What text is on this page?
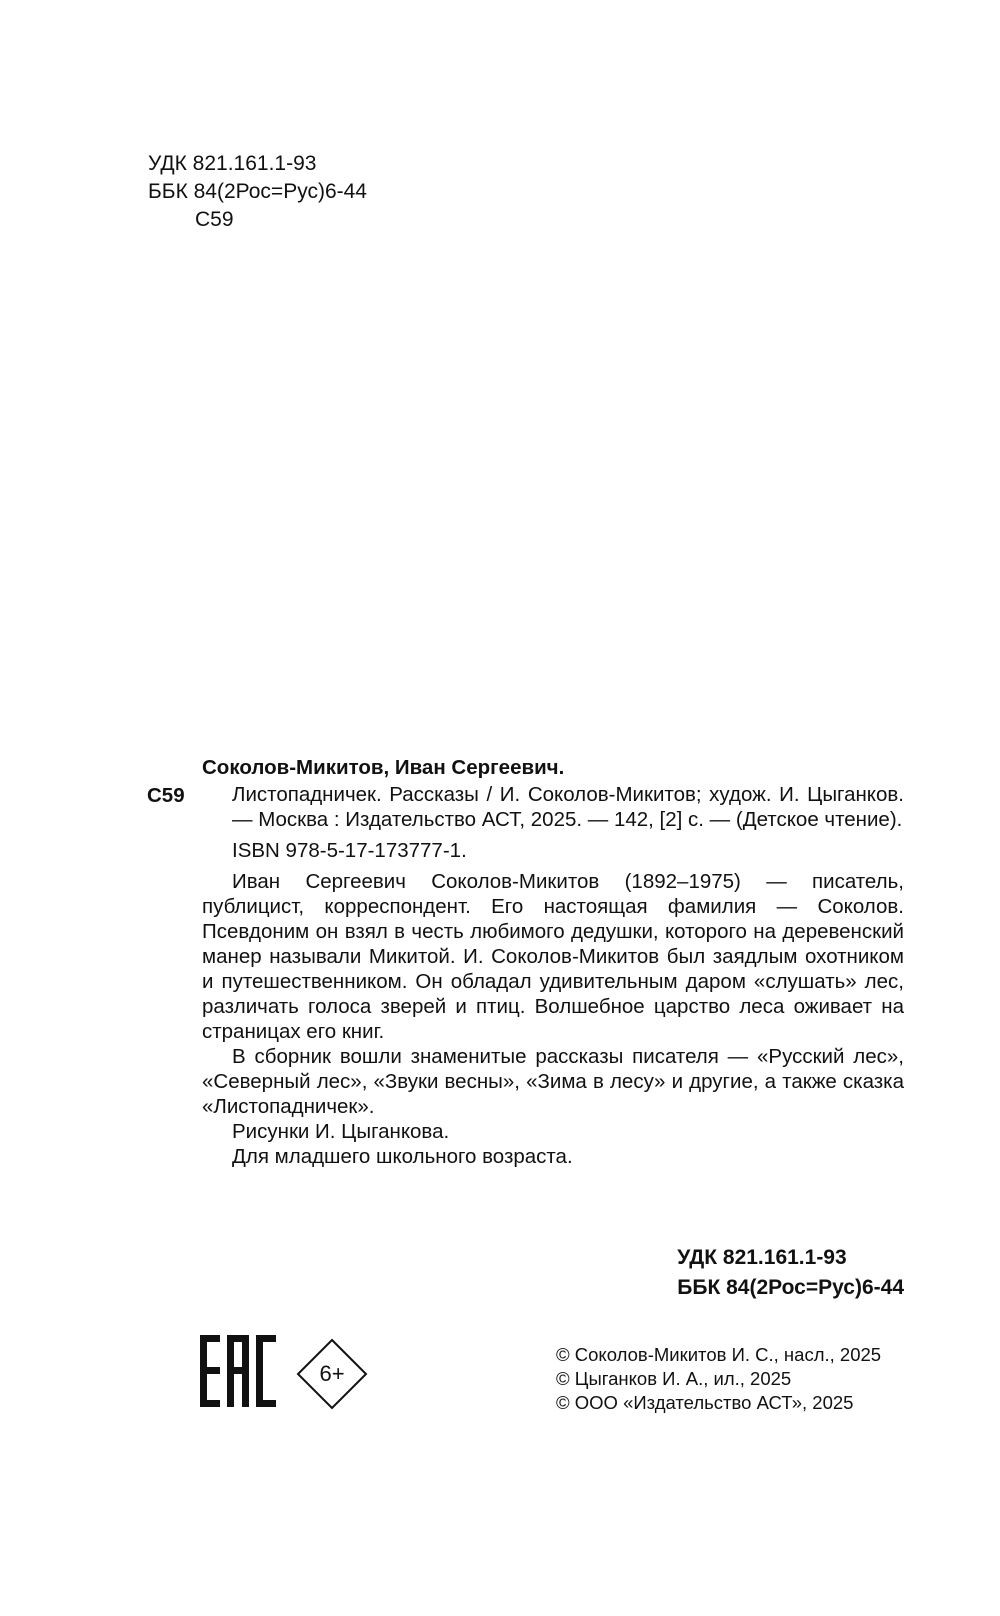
УДК 821.161.1-93
ББК 84(2Рос=Рус)6-44
С59
Соколов-Микитов, Иван Сергеевич.
С59 Листопадничек. Рассказы / И. Соколов-Микитов; худож. И. Цыганков. — Москва : Издательство АСТ, 2025. — 142, [2] с. — (Детское чтение).

ISBN 978-5-17-173777-1.

Иван Сергеевич Соколов-Микитов (1892–1975) — писатель, публицист, корреспондент. Его настоящая фамилия — Соколов. Псевдоним он взял в честь любимого дедушки, которого на деревенский манер называли Микитой. И. Соколов-Микитов был заядлым охотником и путешественником. Он обладал удивительным даром «слушать» лес, различать голоса зверей и птиц. Волшебное царство леса оживает на страницах его книг.

В сборник вошли знаменитые рассказы писателя — «Русский лес», «Северный лес», «Звуки весны», «Зима в лесу» и другие, а также сказка «Листопадничек».

Рисунки И. Цыганкова.

Для младшего школьного возраста.

УДК 821.161.1-93
ББК 84(2Рос=Рус)6-44
6+
© Соколов-Микитов И. С., насл., 2025
© Цыганков И. А., ил., 2025
© ООО «Издательство АСТ», 2025
